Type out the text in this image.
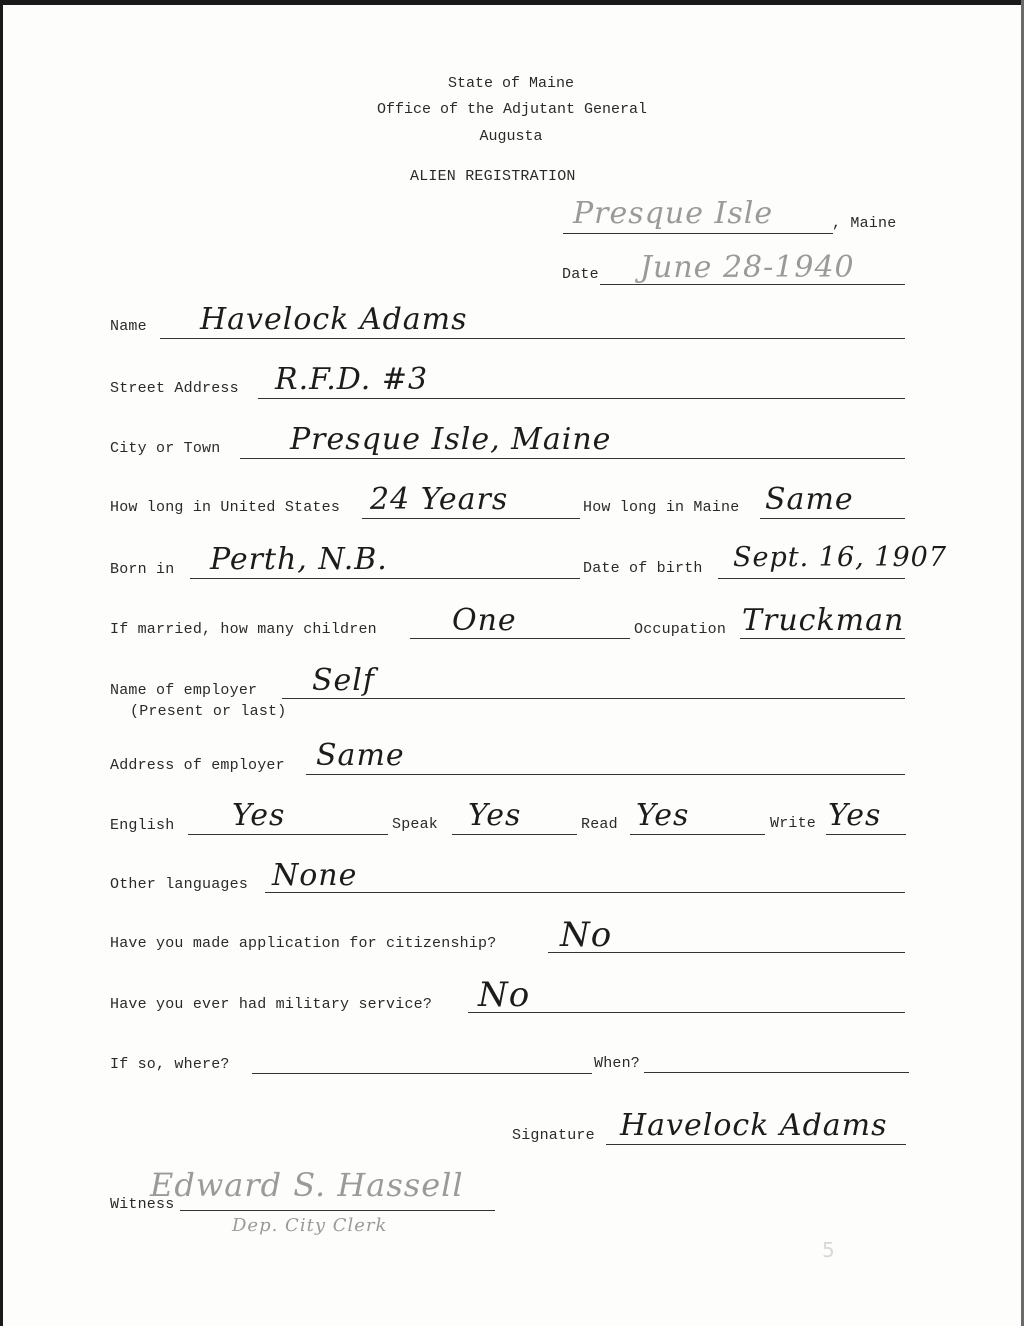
State of Maine
Office of the Adjutant General
Augusta
ALIEN REGISTRATION
Presque Isle	, Maine
Date June 28-1940
Name Havelock Adams
Street Address R.F.D. #3
City or Town Presque Isle, Maine
How long in United States 24 Years	How long in Maine Same
Born in Perth, N.B.	Date of birth Sept. 16, 1907
If married, how many children	One	Occupation Truckman
Name of employer
(Present or last)
Self
Address of employer Same
English Yes	Speak Yes	Read Yes	Write Yes
Other languages None
Have you made application for citizenship? No
Have you ever had military service? No
If so, where?	When?
Signature Havelock Adams
Witness
Edward S. Hassell
Dep. City Clerk
5
